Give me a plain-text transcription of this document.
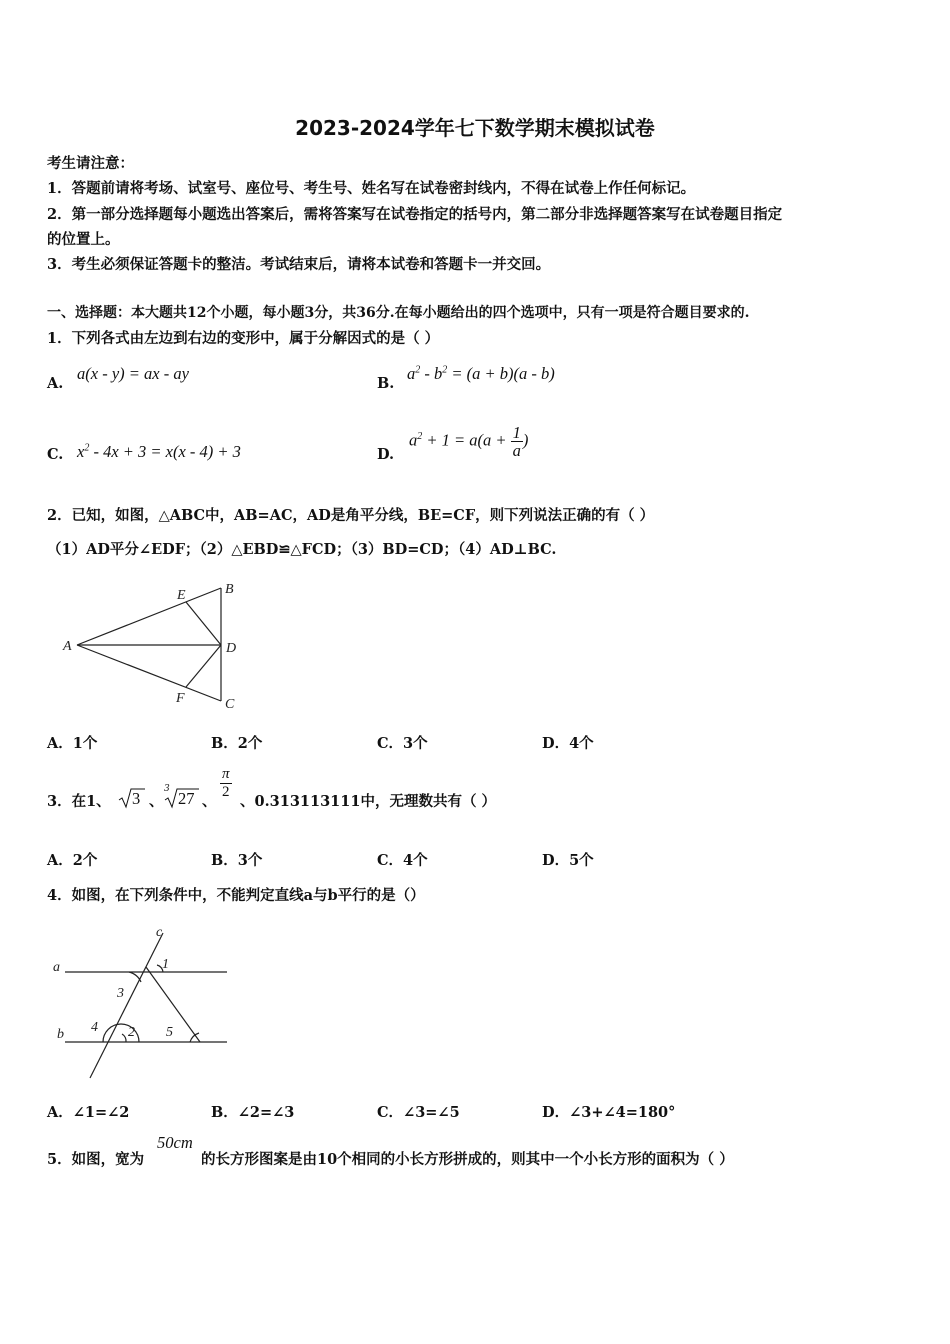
2023-2024学年七下数学期末模拟试卷
考生请注意：
1．答题前请将考场、试室号、座位号、考生号、姓名写在试卷密封线内，不得在试卷上作任何标记。
2．第一部分选择题每小题选出答案后，需将答案写在试卷指定的括号内，第二部分非选择题答案写在试卷题目指定
的位置上。
3．考生必须保证答题卡的整洁。考试结束后，请将本试卷和答题卡一并交回。
一、选择题：本大题共12个小题，每小题3分，共36分.在每小题给出的四个选项中，只有一项是符合题目要求的.
1．下列各式由左边到右边的变形中，属于分解因式的是（ ）
A.
a(x - y) = ax - ay
B.
$a^2 - b^2 = (a + b)(a - b)$
C. $x^2 - 4x + 3 = x(x - 4) + 3$	D.
$a^2 + 1 = a(a + \frac{1}{a}$ )
2．已知，如图，△ABC中，AB=AC，AD是角平分线，BE=CF，则下列说法正确的有（ ）
（1）AD平分∠EDF；（2）△EBD≌△FCD；（3）BD=CD；（4）AD⊥BC.
A
B
C
D
E
F
A．1个	B．2个	C．3个	D．4个
3．在1、 3 、
3 27 、
$\frac{\pi}{2}$
、0.313113111中，无理数共有（ ）
A．2个	B．3个	C．4个	D．5个
4．如图，在下列条件中，不能判定直线a与b平行的是（）
a
b
c
1
2
3
4	5
A．∠1=∠2	B．∠2=∠3	C．∠3=∠5	D．∠3+∠4=180°
5．如图，宽为
50cm
的长方形图案是由10个相同的小长方形拼成的，则其中一个小长方形的面积为（ ）
